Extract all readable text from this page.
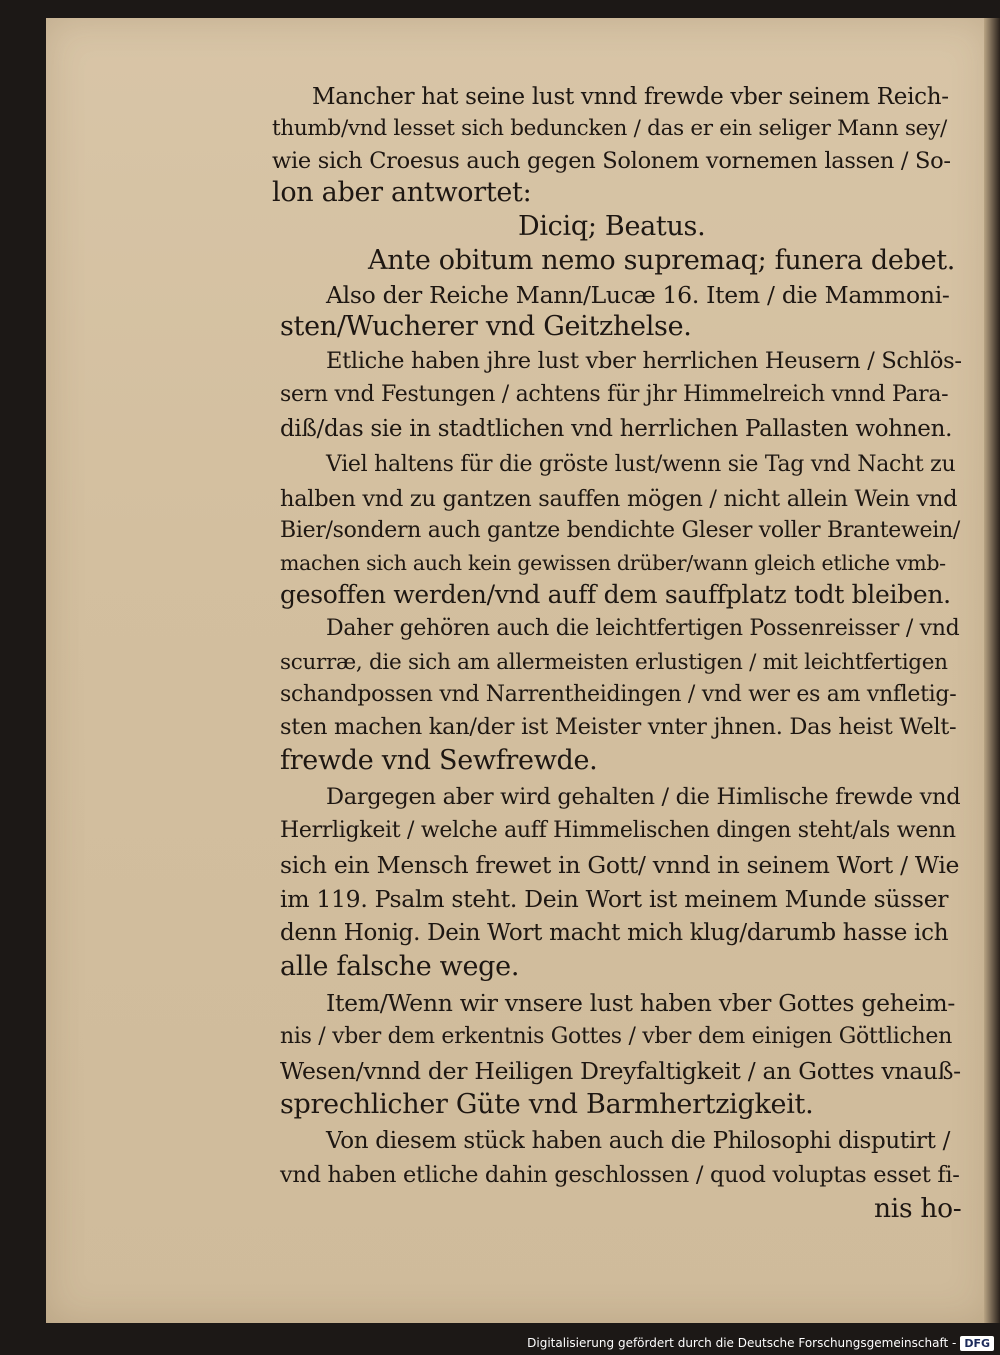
Mancher hat seine lust vnnd frewde vber seinem Reich-
thumb/vnd lesset sich beduncken / das er ein seliger Mann sey/
wie sich Croesus auch gegen Solonem vornemen lassen / So-
lon aber antwortet:
Diciq; Beatus.
Ante obitum nemo supremaq; funera debet.
Also der Reiche Mann/Lucæ 16. Item / die Mammoni-
sten/Wucherer vnd Geitzhelse.
Etliche haben jhre lust vber herrlichen Heusern / Schlös-
sern vnd Festungen / achtens für jhr Himmelreich vnnd Para-
diß/das sie in stadtlichen vnd herrlichen Pallasten wohnen.
Viel haltens für die gröste lust/wenn sie Tag vnd Nacht zu
halben vnd zu gantzen sauffen mögen / nicht allein Wein vnd
Bier/sondern auch gantze bendichte Gleser voller Brantewein/
machen sich auch kein gewissen drüber/wann gleich etliche vmb-
gesoffen werden/vnd auff dem sauffplatz todt bleiben.
Daher gehören auch die leichtfertigen Possenreisser / vnd
scurræ, die sich am allermeisten erlustigen / mit leichtfertigen
schandpossen vnd Narrentheidingen / vnd wer es am vnfletig-
sten machen kan/der ist Meister vnter jhnen. Das heist Welt-
frewde vnd Sewfrewde.
Dargegen aber wird gehalten / die Himlische frewde vnd
Herrligkeit / welche auff Himmelischen dingen steht/als wenn
sich ein Mensch frewet in Gott/ vnnd in seinem Wort / Wie
im 119. Psalm steht. Dein Wort ist meinem Munde süsser
denn Honig. Dein Wort macht mich klug/darumb hasse ich
alle falsche wege.
Item/Wenn wir vnsere lust haben vber Gottes geheim-
nis / vber dem erkentnis Gottes / vber dem einigen Göttlichen
Wesen/vnnd der Heiligen Dreyfaltigkeit / an Gottes vnauß-
sprechlicher Güte vnd Barmhertzigkeit.
Von diesem stück haben auch die Philosophi disputirt /
vnd haben etliche dahin geschlossen / quod voluptas esset fi-
nis ho-
Digitalisierung gefördert durch die Deutsche Forschungsgemeinschaft - DFG
